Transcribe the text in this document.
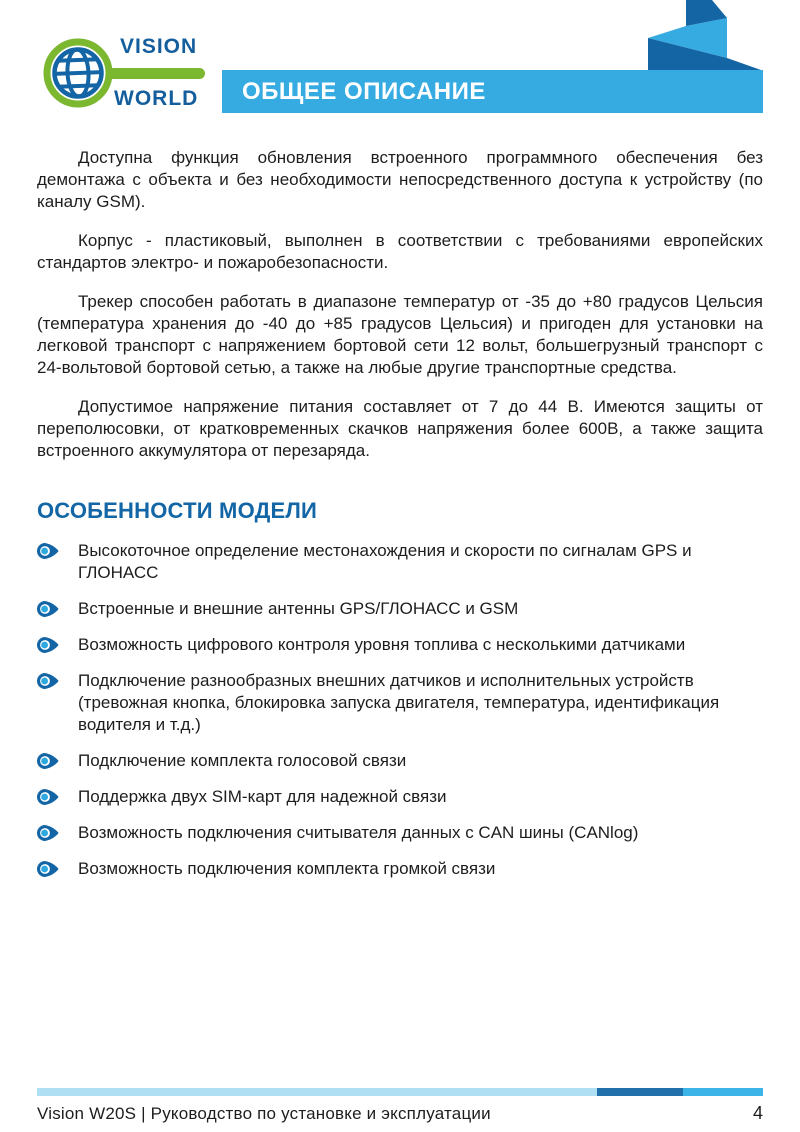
VISION
WORLD ОБЩЕЕ ОПИСАНИЕ

Доступна функция обновления встроенного программного обеспечения без демонтажа с объекта и без необходимости непосредственного доступа к устройству (по каналу GSM).

Корпус - пластиковый, выполнен в соответствии с требованиями европейских стандартов электро- и пожаробезопасности.

Трекер способен работать в диапазоне температур от -35 до +80 градусов Цельсия (температура хранения до -40 до +85 градусов Цельсия) и пригоден для установки на легковой транспорт с напряжением бортовой сети 12 вольт, большегрузный транспорт с 24-вольтовой бортовой сетью, а также на любые другие транспортные средства.

Допустимое напряжение питания составляет от 7 до 44 В. Имеются защиты от переполюсовки, от кратковременных скачков напряжения более 600В, а также защита встроенного аккумулятора от перезаряда.

ОСОБЕННОСТИ МОДЕЛИ
Высокоточное определение местонахождения и скорости по сигналам GPS и ГЛОНАСС
Встроенные и внешние антенны GPS/ГЛОНАСС и GSM
Возможность цифрового контроля уровня топлива с несколькими датчиками
Подключение разнообразных внешних датчиков и исполнительных устройств (тревожная кнопка, блокировка запуска двигателя, температура, идентификация водителя и т.д.)
Подключение комплекта голосовой связи
Поддержка двух SIM-карт для надежной связи
Возможность подключения считывателя данных с CAN шины (CANlog)
Возможность подключения комплекта громкой связи
Vision W20S | Руководство по установке и эксплуатации	4
